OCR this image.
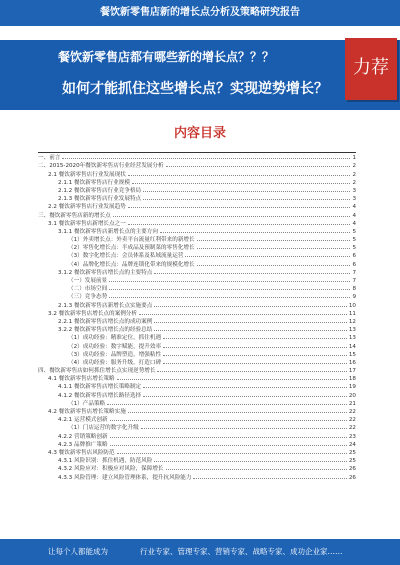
餐饮新零售店新的增长点分析及策略研究报告
餐饮新零售店都有哪些新的增长点？？？
如何才能抓住这些增长点？实现逆势增长？
力荐
内容目录
一、前言	1
二、2015-2020年餐饮新零售店行业经营发展分析	2
2.1 餐饮新零售店行业发展现状	2
2.1.1 餐饮新零售店行业规模	2
2.1.2 餐饮新零售店行业竞争格局	3
2.1.3 餐饮新零售店行业发展特点	3
2.2 餐饮新零售店行业发展趋势	4
三、餐饮新零售店新的增长点	4
3.1 餐饮新零售店新增长点之一	4
3.1.1 餐饮新零售店新增长点的主要方向	5
（1）外卖增长点：外卖平台流量红利带来的新增长	5
（2）零售化增长点：半成品及预制菜的零售化增长	5
（3）数字化增长点：会员体系及私域流量运营	6
（4）品牌化增长点：品牌连锁化带来的规模化增长	6
3.1.2 餐饮新零售店增长点的主要特点	7
（一）发展前景	7
（二）市场空间	8
（三）竞争态势	9
2.1.3 餐饮新零售店新增长点实施要点	10
3.2 餐饮新零售店增长点的案例分析	11
2.2.1 餐饮新零售店增长点的成功案例	12
3.2.2 餐饮新零售店增长点的经验总结	13
（1）成功经验：精准定位，抓住机遇	13
（2）成功经验：数字赋能，提升效率	14
（3）成功经验：品牌塑造，增强粘性	15
（4）成功经验：服务升级，打造口碑	16
四、餐饮新零售店如何抓住增长点实现逆势增长	17
4.1 餐饮新零售店增长策略	18
4.1.1 餐饮新零售店增长策略制定	19
4.1.2 餐饮新零售店增长路径选择	20
（1）产品策略	21
4.2 餐饮新零售店增长策略实施	22
4.2.1 运营模式创新	22
（1）门店运营的数字化升级	22
4.2.2 营销策略创新	23
4.2.3 品牌推广策略	24
4.3 餐饮新零售店风险防范	25
4.3.1 风险识别：抓住机遇，防范风险	25
4.3.2 风险应对：积极应对风险，保障增长	26
4.3.3 风险管理：建立风险管理体系，提升抗风险能力	26
让每个人都能成为	行业专家、管理专家、营销专家、战略专家、成功企业家……
